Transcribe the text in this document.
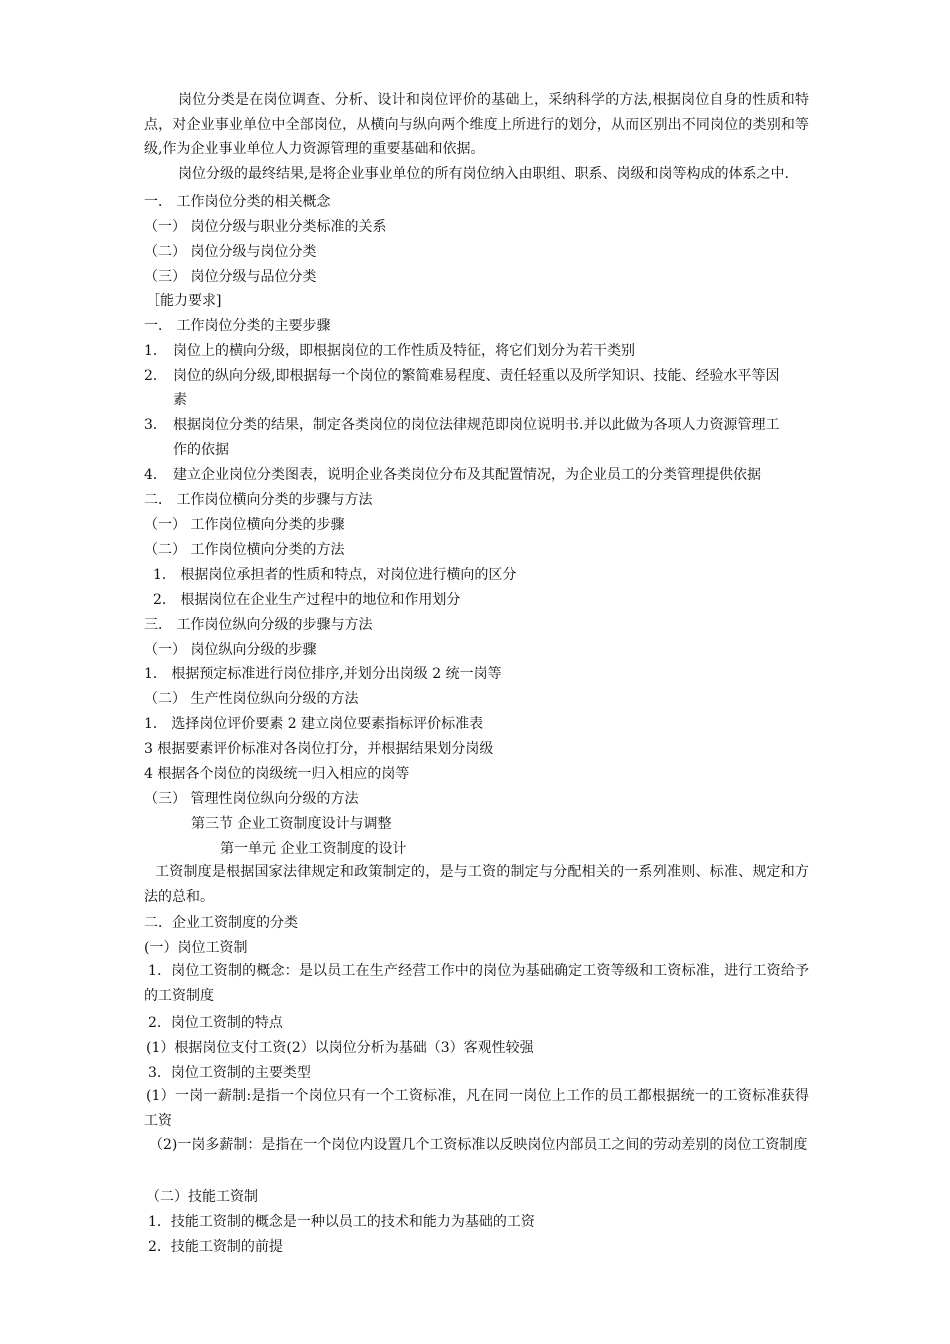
岗位分类是在岗位调查、分析、设计和岗位评价的基础上，采纳科学的方法,根据岗位自身的性质和特点，对企业事业单位中全部岗位，从横向与纵向两个维度上所进行的划分，从而区别出不同岗位的类别和等级,作为企业事业单位人力资源管理的重要基础和依据。
岗位分级的最终结果,是将企业事业单位的所有岗位纳入由职组、职系、岗级和岗等构成的体系之中.
一． 工作岗位分类的相关概念
（一） 岗位分级与职业分类标准的关系
（二） 岗位分级与岗位分类
（三） 岗位分级与品位分类
［能力要求]
一． 工作岗位分类的主要步骤
1． 岗位上的横向分级，即根据岗位的工作性质及特征，将它们划分为若干类别
2． 岗位的纵向分级,即根据每一个岗位的繁简难易程度、责任轻重以及所学知识、技能、经验水平等因
素
3． 根据岗位分类的结果，制定各类岗位的岗位法律规范即岗位说明书.并以此做为各项人力资源管理工
作的依据
4． 建立企业岗位分类图表，说明企业各类岗位分布及其配置情况，为企业员工的分类管理提供依据
二． 工作岗位横向分类的步骤与方法
（一） 工作岗位横向分类的步骤
（二） 工作岗位横向分类的方法
1． 根据岗位承担者的性质和特点，对岗位进行横向的区分
2． 根据岗位在企业生产过程中的地位和作用划分
三． 工作岗位纵向分级的步骤与方法
（一） 岗位纵向分级的步骤
1． 根据预定标准进行岗位排序,并划分出岗级 2 统一岗等
（二） 生产性岗位纵向分级的方法
1． 选择岗位评价要素 2 建立岗位要素指标评价标准表
3 根据要素评价标准对各岗位打分，并根据结果划分岗级
4 根据各个岗位的岗级统一归入相应的岗等
（三） 管理性岗位纵向分级的方法
第三节 企业工资制度设计与调整
第一单元 企业工资制度的设计
工资制度是根据国家法律规定和政策制定的，是与工资的制定与分配相关的一系列准则、标准、规定和方法的总和。
二．企业工资制度的分类
(一）岗位工资制
1．岗位工资制的概念：是以员工在生产经营工作中的岗位为基础确定工资等级和工资标准，进行工资给予的工资制度
2．岗位工资制的特点
(1）根据岗位支付工资(2）以岗位分析为基础（3）客观性较强
3．岗位工资制的主要类型
(1）一岗一薪制:是指一个岗位只有一个工资标准，凡在同一岗位上工作的员工都根据统一的工资标准获得工资
（2)一岗多薪制：是指在一个岗位内设置几个工资标准以反映岗位内部员工之间的劳动差别的岗位工资制度
（二）技能工资制
1．技能工资制的概念是一种以员工的技术和能力为基础的工资
2．技能工资制的前提
